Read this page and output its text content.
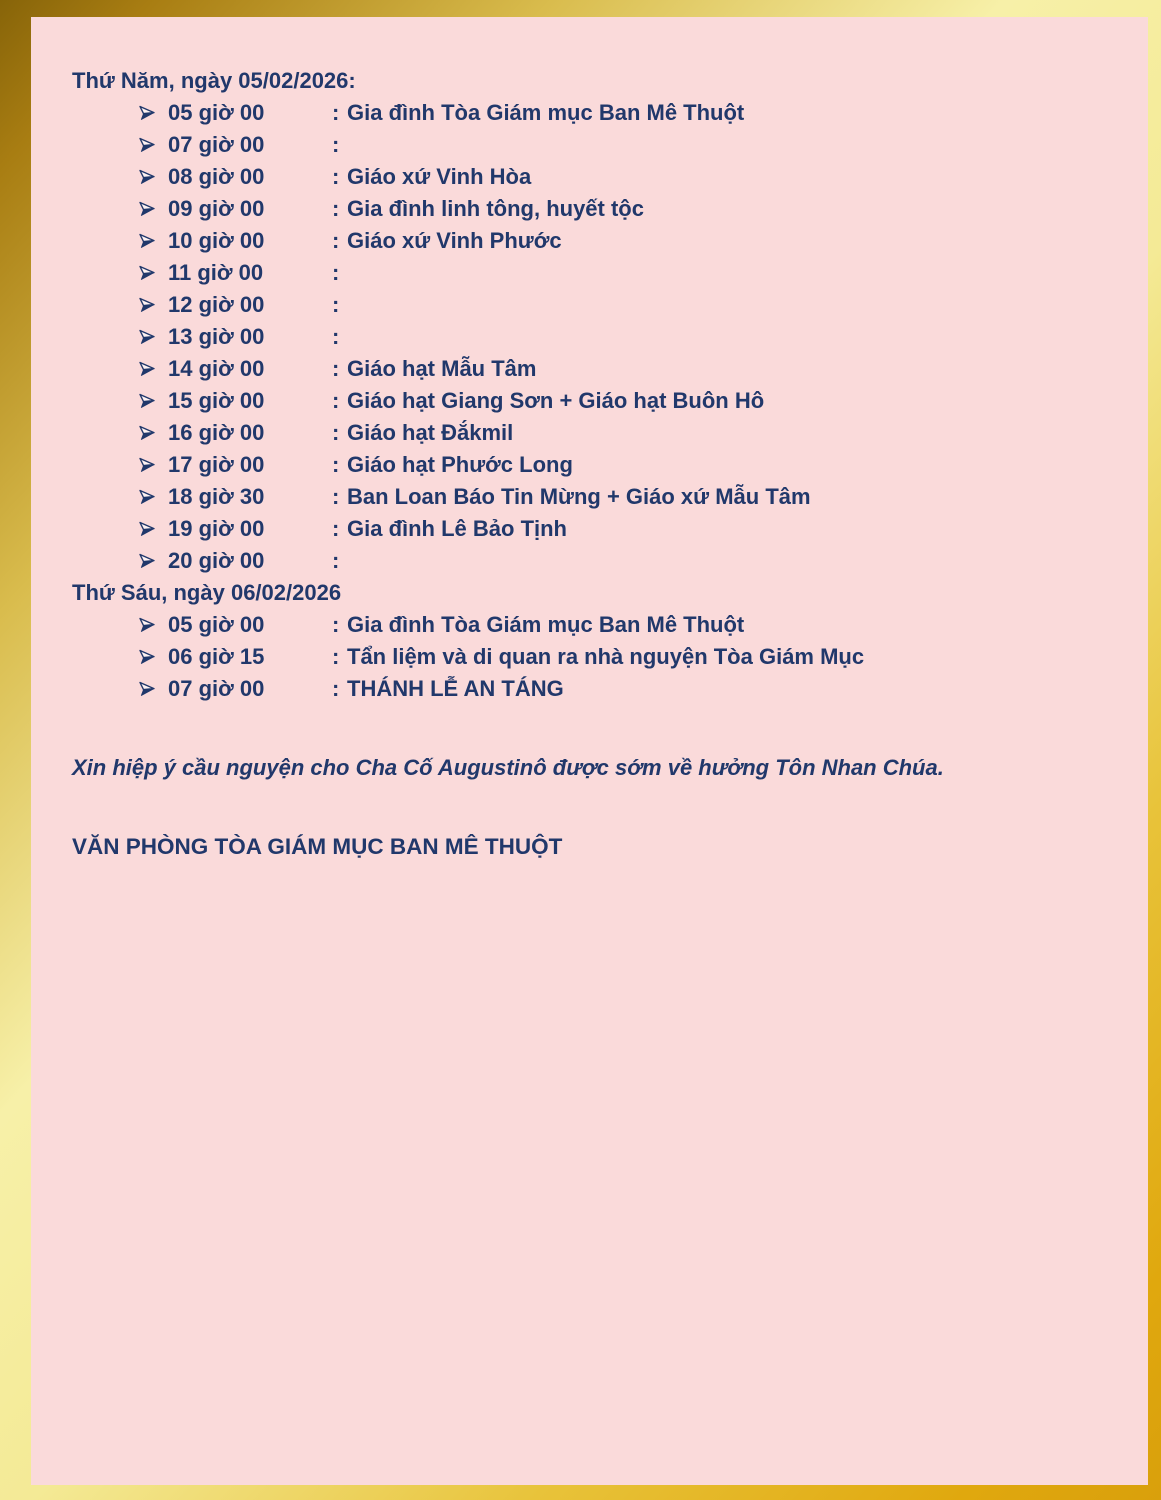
Thứ Năm, ngày 05/02/2026:
05 giờ 00	: Gia đình Tòa Giám mục Ban Mê Thuột
07 giờ 00	:
08 giờ 00	: Giáo xứ Vinh Hòa
09 giờ 00	: Gia đình linh tông, huyết tộc
10 giờ 00	: Giáo xứ Vinh Phước
11 giờ 00	:
12 giờ 00	:
13 giờ 00	:
14 giờ 00	: Giáo hạt Mẫu Tâm
15 giờ 00	: Giáo hạt Giang Sơn + Giáo hạt Buôn Hô
16 giờ 00	: Giáo hạt Đắkmil
17 giờ 00	: Giáo hạt Phước Long
18 giờ 30	: Ban Loan Báo Tin Mừng + Giáo xứ Mẫu Tâm
19 giờ 00	: Gia đình Lê Bảo Tịnh
20 giờ 00	:
Thứ Sáu, ngày 06/02/2026
05 giờ 00	: Gia đình Tòa Giám mục Ban Mê Thuột
06 giờ 15	: Tẩn liệm và di quan ra nhà nguyện Tòa Giám Mục
07 giờ 00	: THÁNH LỄ AN TÁNG

Xin hiệp ý cầu nguyện cho Cha Cố Augustinô được sớm về hưởng Tôn Nhan Chúa.

VĂN PHÒNG TÒA GIÁM MỤC BAN MÊ THUỘT
